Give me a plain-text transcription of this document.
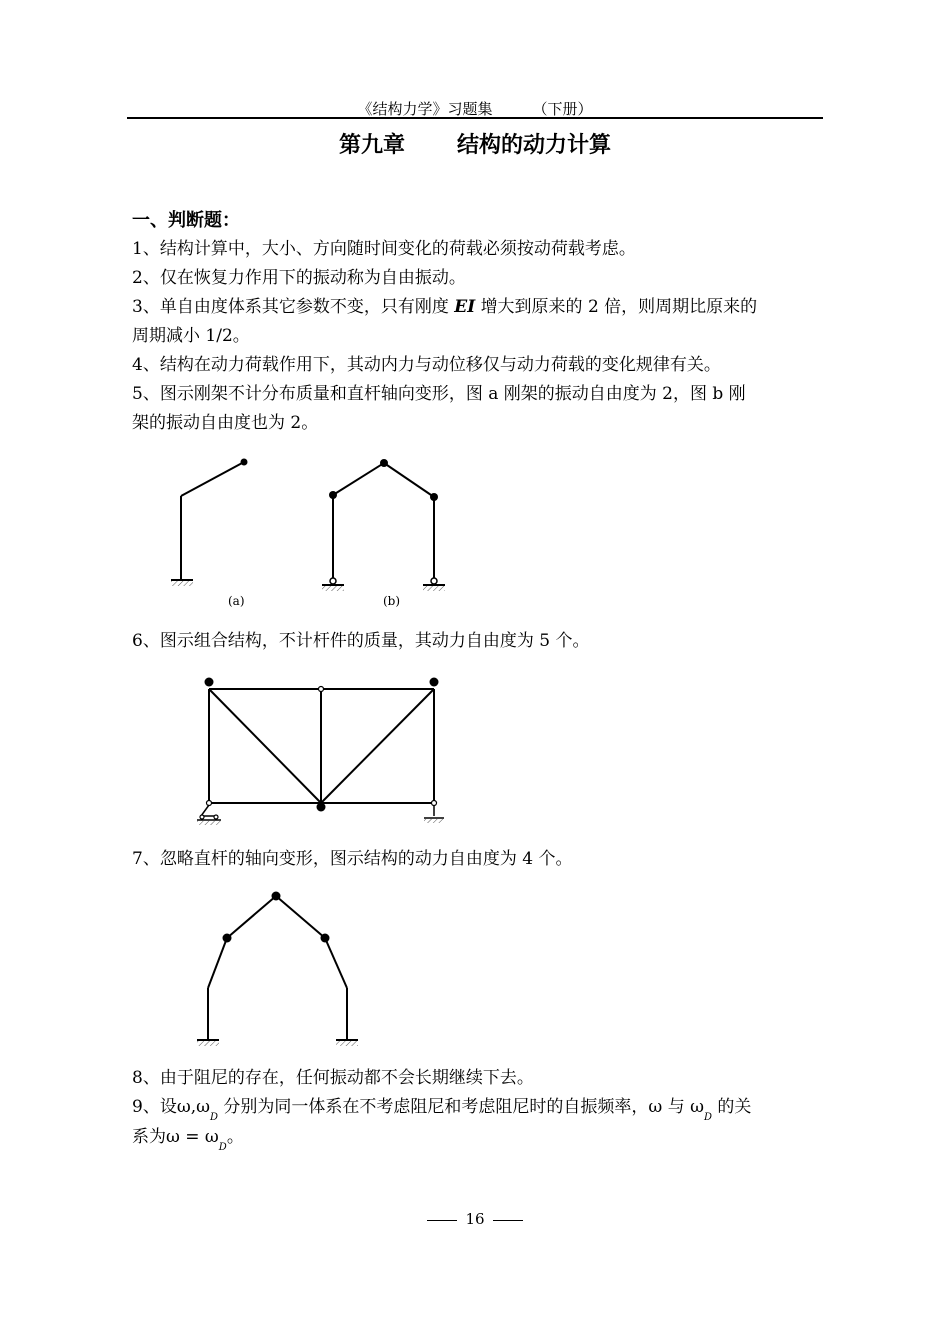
《结构力学》习题集	（下册）
第九章 结构的动力计算
一、判断题：
1、结构计算中，大小、方向随时间变化的荷载必须按动荷载考虑。
2、仅在恢复力作用下的振动称为自由振动。
3、单自由度体系其它参数不变，只有刚度 EI 增大到原来的 2 倍，则周期比原来的
周期减小 1/2。
4、结构在动力荷载作用下，其动内力与动位移仅与动力荷载的变化规律有关。
5、图示刚架不计分布质量和直杆轴向变形，图 a 刚架的振动自由度为 2，图 b 刚
架的振动自由度也为 2。
6、图示组合结构，不计杆件的质量，其动力自由度为 5 个。
7、忽略直杆的轴向变形，图示结构的动力自由度为 4 个。
8、由于阻尼的存在，任何振动都不会长期继续下去。
9、设$\omega,\omega_D$ 分别为同一体系在不考虑阻尼和考虑阻尼时的自振频率，ω 与 $\omega_D$ 的关
系为$\omega = \omega_D$。
(a)	(b)
16
